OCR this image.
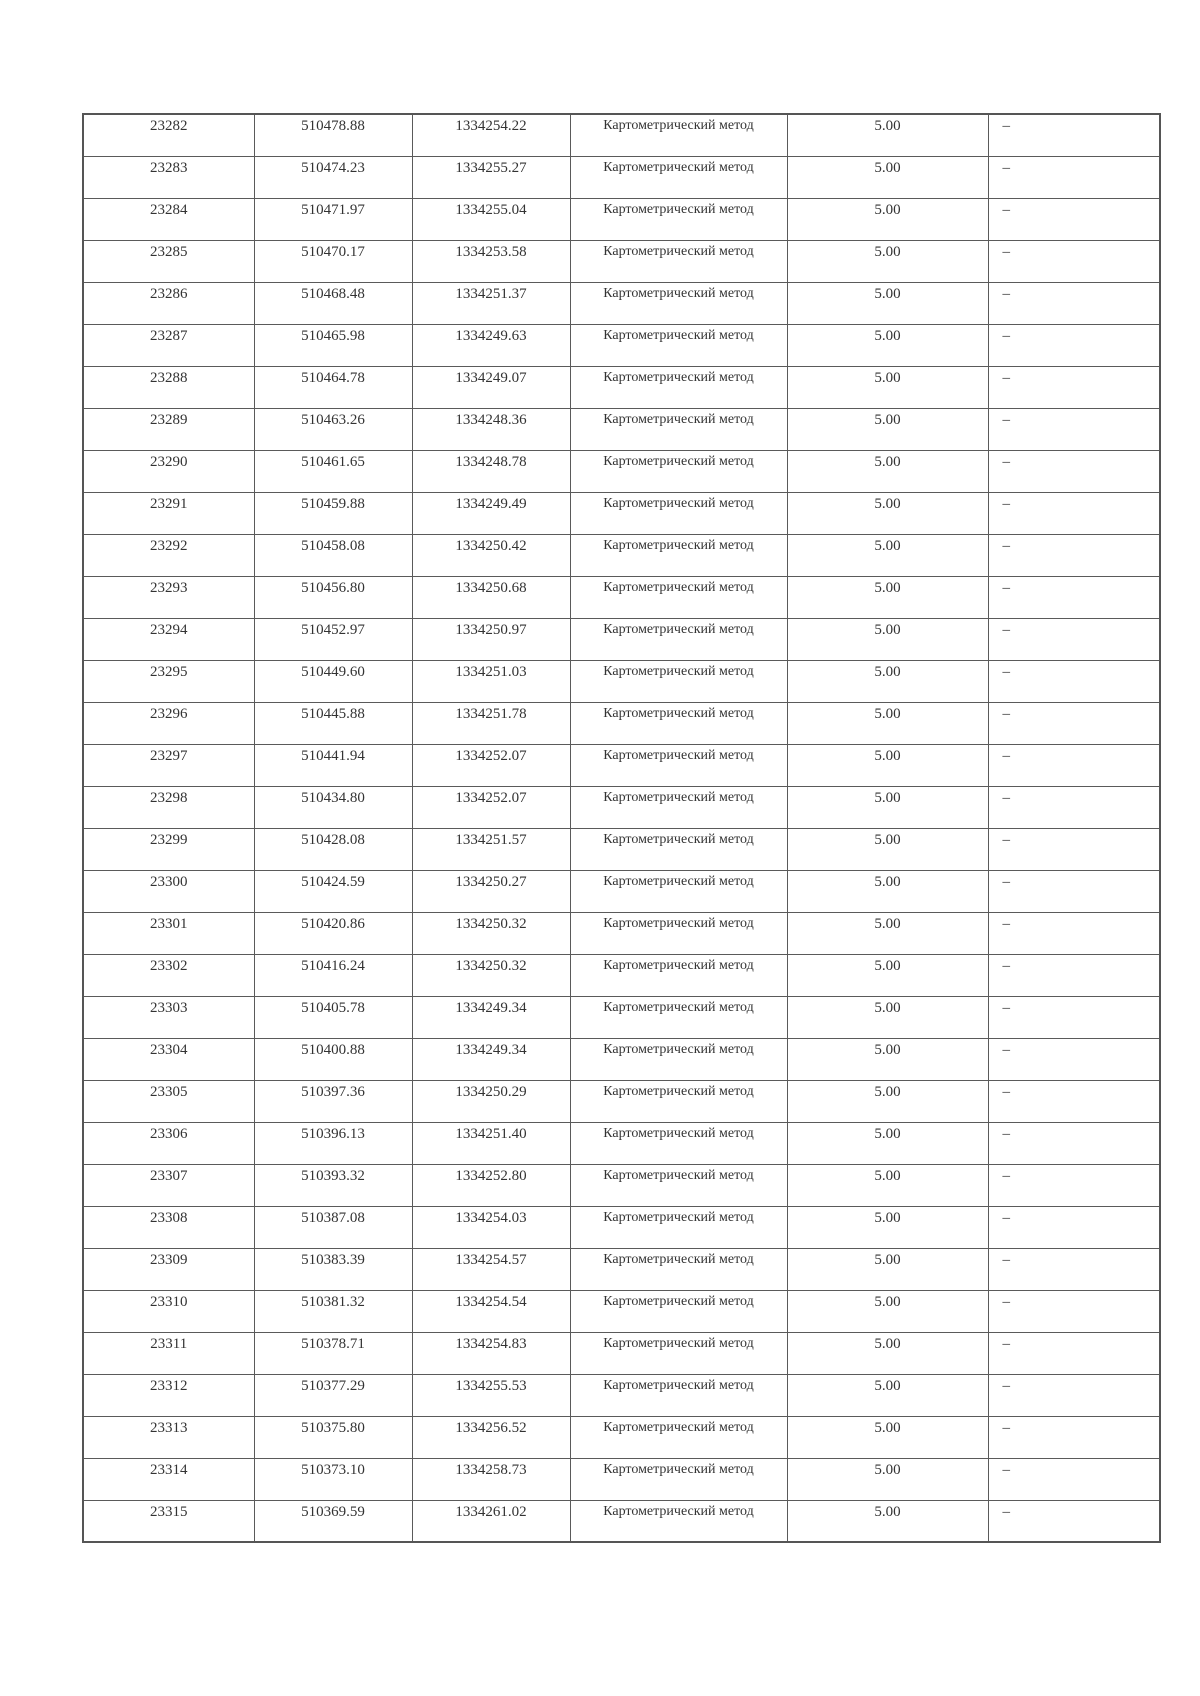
23282	510478.88	1334254.22	Картометрический метод	5.00	–
23283	510474.23	1334255.27	Картометрический метод	5.00	–
23284	510471.97	1334255.04	Картометрический метод	5.00	–
23285	510470.17	1334253.58	Картометрический метод	5.00	–
23286	510468.48	1334251.37	Картометрический метод	5.00	–
23287	510465.98	1334249.63	Картометрический метод	5.00	–
23288	510464.78	1334249.07	Картометрический метод	5.00	–
23289	510463.26	1334248.36	Картометрический метод	5.00	–
23290	510461.65	1334248.78	Картометрический метод	5.00	–
23291	510459.88	1334249.49	Картометрический метод	5.00	–
23292	510458.08	1334250.42	Картометрический метод	5.00	–
23293	510456.80	1334250.68	Картометрический метод	5.00	–
23294	510452.97	1334250.97	Картометрический метод	5.00	–
23295	510449.60	1334251.03	Картометрический метод	5.00	–
23296	510445.88	1334251.78	Картометрический метод	5.00	–
23297	510441.94	1334252.07	Картометрический метод	5.00	–
23298	510434.80	1334252.07	Картометрический метод	5.00	–
23299	510428.08	1334251.57	Картометрический метод	5.00	–
23300	510424.59	1334250.27	Картометрический метод	5.00	–
23301	510420.86	1334250.32	Картометрический метод	5.00	–
23302	510416.24	1334250.32	Картометрический метод	5.00	–
23303	510405.78	1334249.34	Картометрический метод	5.00	–
23304	510400.88	1334249.34	Картометрический метод	5.00	–
23305	510397.36	1334250.29	Картометрический метод	5.00	–
23306	510396.13	1334251.40	Картометрический метод	5.00	–
23307	510393.32	1334252.80	Картометрический метод	5.00	–
23308	510387.08	1334254.03	Картометрический метод	5.00	–
23309	510383.39	1334254.57	Картометрический метод	5.00	–
23310	510381.32	1334254.54	Картометрический метод	5.00	–
23311	510378.71	1334254.83	Картометрический метод	5.00	–
23312	510377.29	1334255.53	Картометрический метод	5.00	–
23313	510375.80	1334256.52	Картометрический метод	5.00	–
23314	510373.10	1334258.73	Картометрический метод	5.00	–
23315	510369.59	1334261.02	Картометрический метод	5.00	–
